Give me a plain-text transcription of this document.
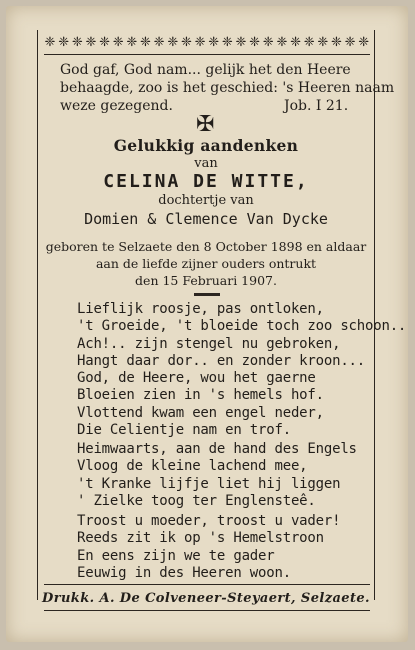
❈ ❈ ❈ ❈ ❈ ❈ ❈ ❈ ❈ ❈ ❈ ❈ ❈ ❈ ❈ ❈ ❈ ❈ ❈ ❈ ❈ ❈ ❈ ❈
God gaf, God nam... gelijk het den Heere
behaagde, zoo is het geschied: 's Heeren naam
weze gezegend.	Job. I 21.
✠
Gelukkig aandenken
van
CELINA DE WITTE,
dochtertje van
Domien & Clemence Van Dycke
geboren te Selzaete den 8 October 1898 en aldaar
aan de liefde zijner ouders ontrukt
den 15 Februari 1907.
Lieflijk roosje, pas ontloken,
't Groeide, 't bloeide toch zoo schoon..
Ach!.. zijn stengel nu gebroken,
Hangt daar dor.. en zonder kroon...
God, de Heere, wou het gaerne
Bloeien zien in 's hemels hof.
Vlottend kwam een engel neder,
Die Celientje nam en trof.
Heimwaarts, aan de hand des Engels
Vloog de kleine lachend mee,
't Kranke lijfje liet hij liggen
' Zielke toog ter Englensteê.
Troost u moeder, troost u vader!
Reeds zit ik op 's Hemelstroon
En eens zijn we te gader
Eeuwig in des Heeren woon.
Drukk. A. De Colveneer-Steyaert, Selzaete.
